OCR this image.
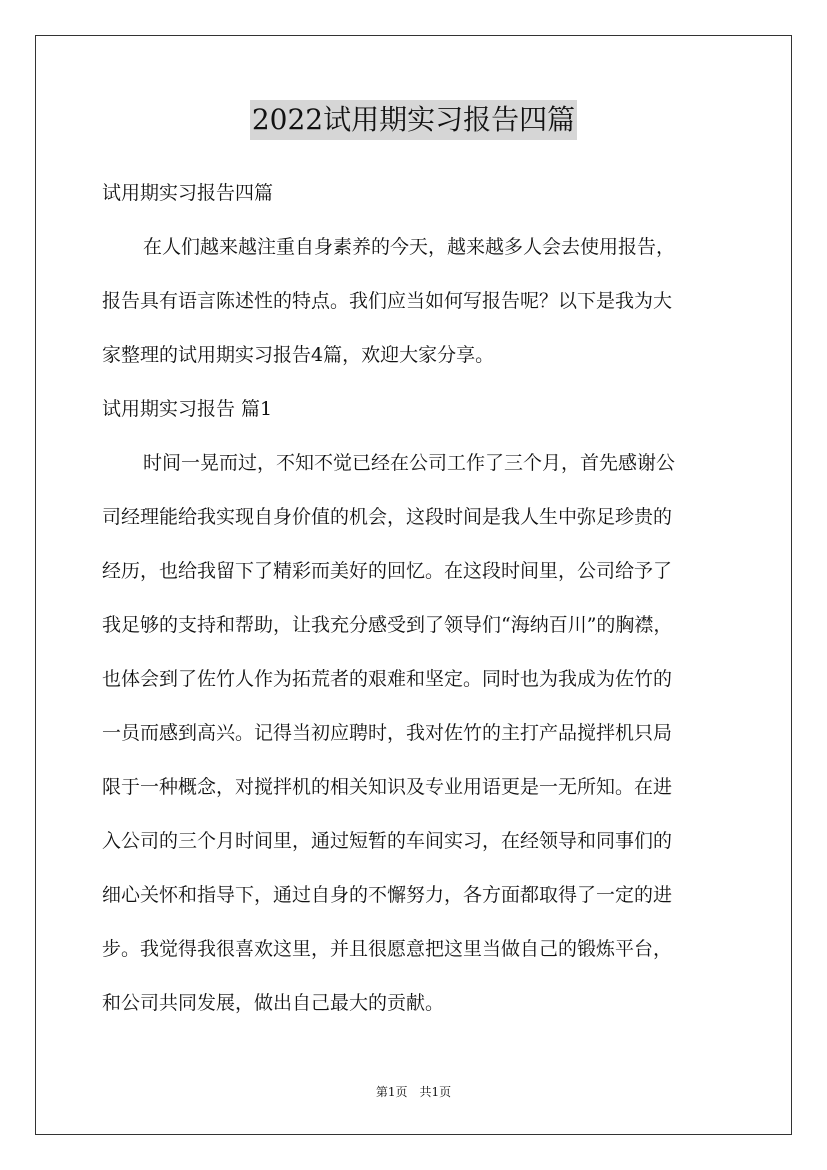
2022试用期实习报告四篇

试用期实习报告四篇

在人们越来越注重自身素养的今天，越来越多人会去使用报告，

报告具有语言陈述性的特点。我们应当如何写报告呢？以下是我为大

家整理的试用期实习报告4篇，欢迎大家分享。

试用期实习报告 篇1

时间一晃而过，不知不觉已经在公司工作了三个月，首先感谢公

司经理能给我实现自身价值的机会，这段时间是我人生中弥足珍贵的

经历，也给我留下了精彩而美好的回忆。在这段时间里，公司给予了

我足够的支持和帮助，让我充分感受到了领导们“海纳百川”的胸襟，

也体会到了佐竹人作为拓荒者的艰难和坚定。同时也为我成为佐竹的

一员而感到高兴。记得当初应聘时，我对佐竹的主打产品搅拌机只局

限于一种概念，对搅拌机的相关知识及专业用语更是一无所知。在进

入公司的三个月时间里，通过短暂的车间实习，在经领导和同事们的

细心关怀和指导下，通过自身的不懈努力，各方面都取得了一定的进

步。我觉得我很喜欢这里，并且很愿意把这里当做自己的锻炼平台，

和公司共同发展，做出自己最大的贡献。

第1页　共1页
